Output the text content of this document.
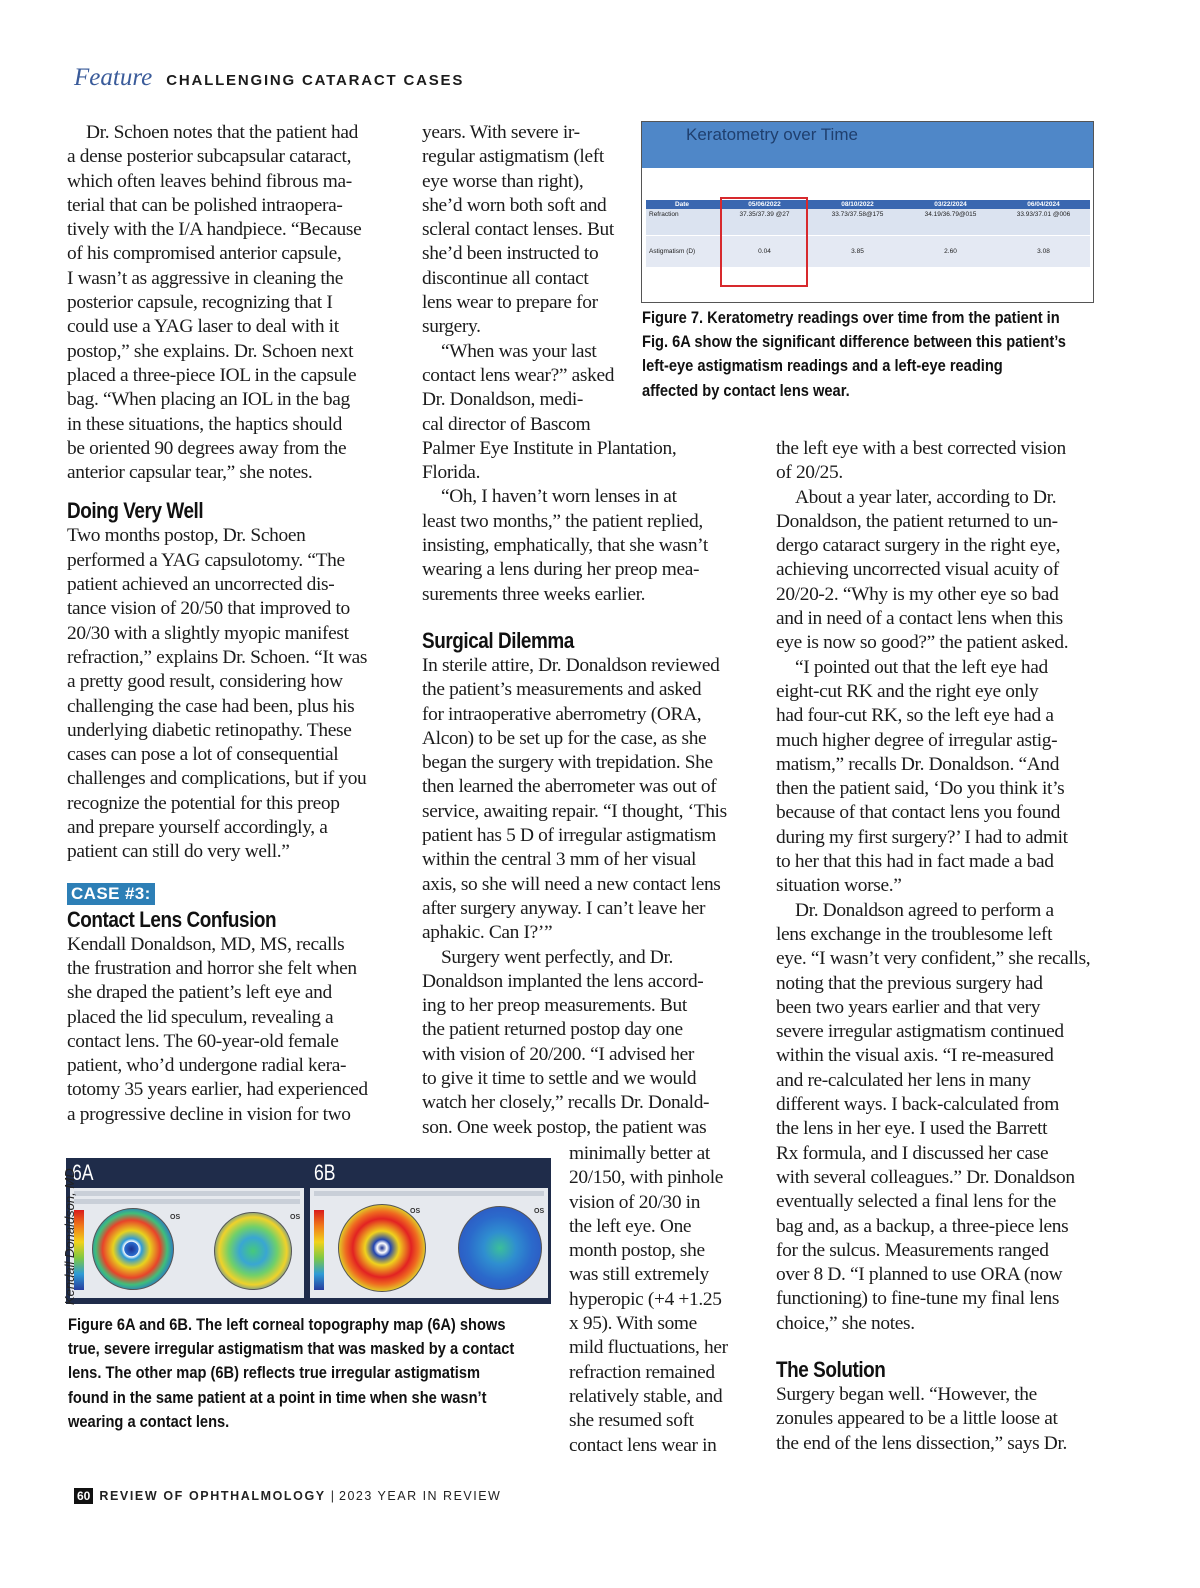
Feature CHALLENGING CATARACT CASES

Dr. Schoen notes that the patient had
a dense posterior subcapsular cataract,
which often leaves behind fibrous ma-
terial that can be polished intraopera-
tively with the I/A handpiece. “Because
of his compromised anterior capsule,
I wasn’t as aggressive in cleaning the
posterior capsule, recognizing that I
could use a YAG laser to deal with it
postop,” she explains. Dr. Schoen next
placed a three-piece IOL in the capsule
bag. “When placing an IOL in the bag
in these situations, the haptics should
be oriented 90 degrees away from the
anterior capsular tear,” she notes.

Doing Very Well

Two months postop, Dr. Schoen
performed a YAG capsulotomy. “The
patient achieved an uncorrected dis-
tance vision of 20/50 that improved to
20/30 with a slightly myopic manifest
refraction,” explains Dr. Schoen. “It was
a pretty good result, considering how
challenging the case had been, plus his
underlying diabetic retinopathy. These
cases can pose a lot of consequential
challenges and complications, but if you
recognize the potential for this preop
and prepare yourself accordingly, a
patient can still do very well.”

CASE #3:
Contact Lens Confusion

Kendall Donaldson, MD, MS, recalls
the frustration and horror she felt when
she draped the patient’s left eye and
placed the lid speculum, revealing a
contact lens. The 60-year-old female
patient, who’d undergone radial kera-
totomy 35 years earlier, had experienced
a progressive decline in vision for two

years. With severe ir-
regular astigmatism (left
eye worse than right),
she’d worn both soft and
scleral contact lenses. But
she’d been instructed to
discontinue all contact
lens wear to prepare for
surgery.

“When was your last
contact lens wear?” asked
Dr. Donaldson, medi-
cal director of Bascom
Palmer Eye Institute in Plantation,
Florida.

“Oh, I haven’t worn lenses in at
least two months,” the patient replied,
insisting, emphatically, that she wasn’t
wearing a lens during her preop mea-
surements three weeks earlier.

Surgical Dilemma

In sterile attire, Dr. Donaldson reviewed
the patient’s measurements and asked
for intraoperative aberrometry (ORA,
Alcon) to be set up for the case, as she
began the surgery with trepidation. She
then learned the aberrometer was out of
service, awaiting repair. “I thought, ‘This
patient has 5 D of irregular astigmatism
within the central 3 mm of her visual
axis, so she will need a new contact lens
after surgery anyway. I can’t leave her
aphakic. Can I?’”

Surgery went perfectly, and Dr.
Donaldson implanted the lens accord-
ing to her preop measurements. But
the patient returned postop day one
with vision of 20/200. “I advised her
to give it time to settle and we would
watch her closely,” recalls Dr. Donald-
son. One week postop, the patient was

minimally better at
20/150, with pinhole
vision of 20/30 in
the left eye. One
month postop, she
was still extremely
hyperopic (+4 +1.25
x 95). With some
mild fluctuations, her
refraction remained
relatively stable, and
she resumed soft
contact lens wear in

the left eye with a best corrected vision
of 20/25.

About a year later, according to Dr.
Donaldson, the patient returned to un-
dergo cataract surgery in the right eye,
achieving uncorrected visual acuity of
20/20-2. “Why is my other eye so bad
and in need of a contact lens when this
eye is now so good?” the patient asked.

“I pointed out that the left eye had
eight-cut RK and the right eye only
had four-cut RK, so the left eye had a
much higher degree of irregular astig-
matism,” recalls Dr. Donaldson. “And
then the patient said, ‘Do you think it’s
because of that contact lens you found
during my first surgery?’ I had to admit
to her that this had in fact made a bad
situation worse.”

Dr. Donaldson agreed to perform a
lens exchange in the troublesome left
eye. “I wasn’t very confident,” she recalls,
noting that the previous surgery had
been two years earlier and that very
severe irregular astigmatism continued
within the visual axis. “I re-measured
and re-calculated her lens in many
different ways. I back-calculated from
the lens in her eye. I used the Barrett
Rx formula, and I discussed her case
with several colleagues.” Dr. Donaldson
eventually selected a final lens for the
bag and, as a backup, a three-piece lens
for the sulcus. Measurements ranged
over 8 D. “I planned to use ORA (now
functioning) to fine-tune my final lens
choice,” she notes.

The Solution

Surgery began well. “However, the
zonules appeared to be a little loose at
the end of the lens dissection,” says Dr.

Keratometry over Time
Date	05/06/2022	08/10/2022	03/22/2024	06/04/2024
Refraction	37.35/37.39 @27	33.73/37.58@175	34.19/36.79@015	33.93/37.01 @006
Astigmatism (D)	0.04	3.85	2.60	3.08
Figure 7. Keratometry readings over time from the patient in
Fig. 6A show the significant difference between this patient’s
left-eye astigmatism readings and a left-eye reading
affected by contact lens wear.
6A
OS	OS
6B
OS	OS
Kendall Donaldson, MD
Figure 6A and 6B. The left corneal topography map (6A) shows
true, severe irregular astigmatism that was masked by a contact
lens. The other map (6B) reflects true irregular astigmatism
found in the same patient at a point in time when she wasn’t
wearing a contact lens.
60 REVIEW OF OPHTHALMOLOGY | 2023 YEAR IN REVIEW
